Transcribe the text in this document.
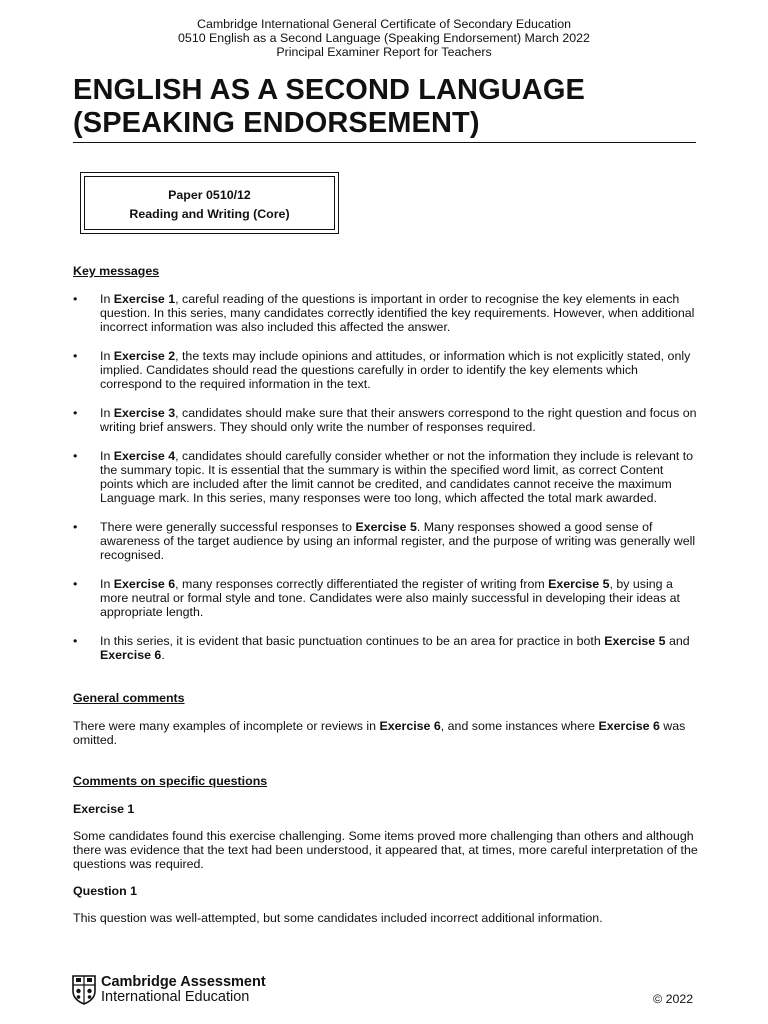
Cambridge International General Certificate of Secondary Education
0510 English as a Second Language (Speaking Endorsement) March 2022
Principal Examiner Report for Teachers
ENGLISH AS A SECOND LANGUAGE
(SPEAKING ENDORSEMENT)
Paper 0510/12
Reading and Writing (Core)

Key messages

• In Exercise 1, careful reading of the questions is important in order to recognise the key elements in each question. In this series, many candidates correctly identified the key requirements. However, when additional incorrect information was also included this affected the answer.
• In Exercise 2, the texts may include opinions and attitudes, or information which is not explicitly stated, only implied. Candidates should read the questions carefully in order to identify the key elements which correspond to the required information in the text.
• In Exercise 3, candidates should make sure that their answers correspond to the right question and focus on writing brief answers. They should only write the number of responses required.
• In Exercise 4, candidates should carefully consider whether or not the information they include is relevant to the summary topic. It is essential that the summary is within the specified word limit, as correct Content points which are included after the limit cannot be credited, and candidates cannot receive the maximum Language mark. In this series, many responses were too long, which affected the total mark awarded.
• There were generally successful responses to Exercise 5. Many responses showed a good sense of awareness of the target audience by using an informal register, and the purpose of writing was generally well recognised.
• In Exercise 6, many responses correctly differentiated the register of writing from Exercise 5, by using a more neutral or formal style and tone. Candidates were also mainly successful in developing their ideas at appropriate length.
• In this series, it is evident that basic punctuation continues to be an area for practice in both Exercise 5 and Exercise 6.

General comments

There were many examples of incomplete or reviews in Exercise 6, and some instances where Exercise 6 was omitted.

Comments on specific questions

Exercise 1

Some candidates found this exercise challenging. Some items proved more challenging than others and although there was evidence that the text had been understood, it appeared that, at times, more careful interpretation of the questions was required.

Question 1

This question was well-attempted, but some candidates included incorrect additional information.

Cambridge Assessment
International Education	© 2022
